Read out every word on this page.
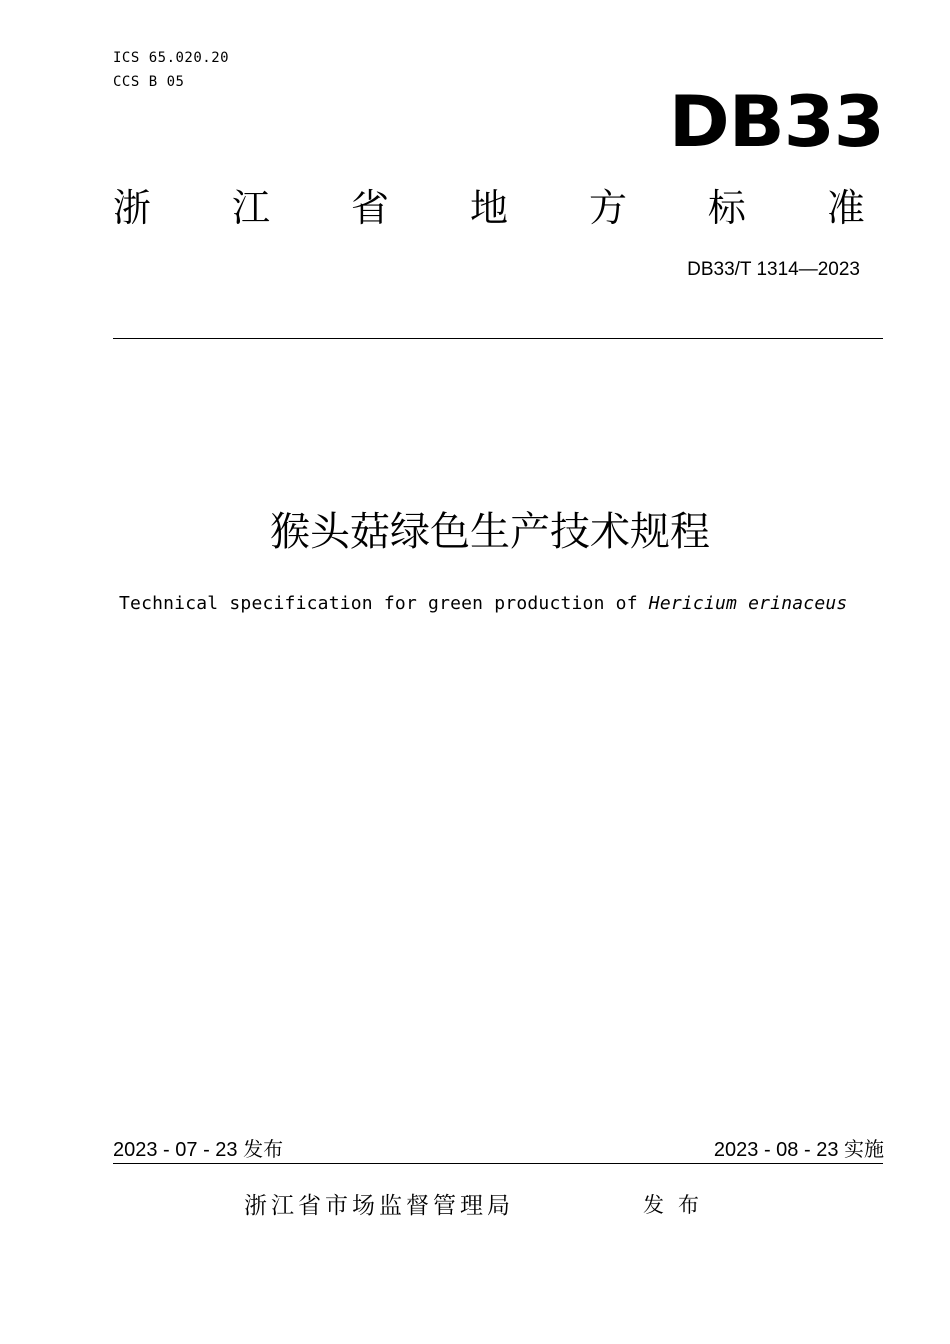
ICS 65.020.20
CCS B 05	DB33
浙 江 省 地 方 标 准
DB33/T 1314—2023
猴头菇绿色生产技术规程
Technical specification for green production of Hericium erinaceus
2023 - 07 - 23 发布	2023 - 08 - 23 实施
浙江省市场监督管理局	发布
